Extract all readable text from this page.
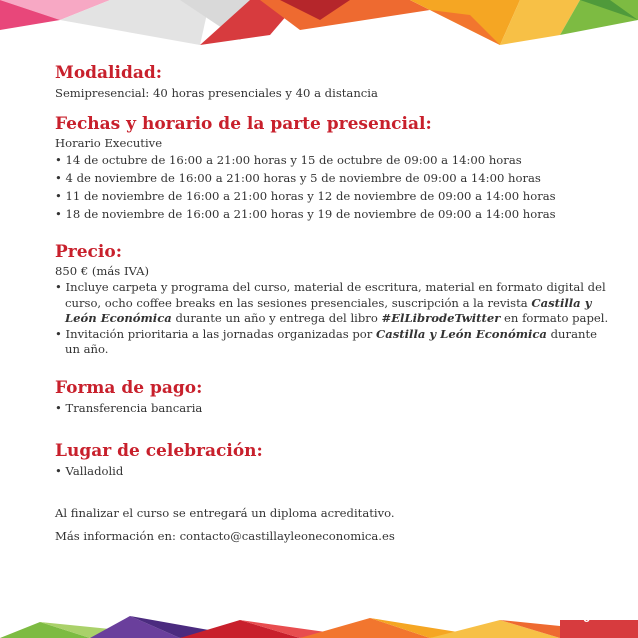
Modalidad:

Semipresencial: 40 horas presenciales y 40 a distancia

Fechas y horario de la parte presencial:

Horario Executive

• 14 de octubre de 16:00 a 21:00 horas y 15 de octubre de 09:00 a 14:00 horas

• 4 de noviembre de 16:00 a 21:00 horas y 5 de noviembre de 09:00 a 14:00 horas

• 11 de noviembre de 16:00 a 21:00 horas y 12 de noviembre de 09:00 a 14:00 horas

• 18 de noviembre de 16:00 a 21:00 horas y 19 de noviembre de 09:00 a 14:00 horas

Precio:

850 € (más IVA)

• Incluye carpeta y programa del curso, material de escritura, material en formato digital del curso, ocho coffee breaks en las sesiones presenciales, suscripción a la revista Castilla y León Económica durante un año y entrega del libro #ElLibrodeTwitter en formato papel.

• Invitación prioritaria a las jornadas organizadas por Castilla y León Económica durante un año.

Forma de pago:

• Transferencia bancaria

Lugar de celebración:

• Valladolid

Al finalizar el curso se entregará un diploma acreditativo.

Más información en: contacto@castillayleoneconomica.es

6
